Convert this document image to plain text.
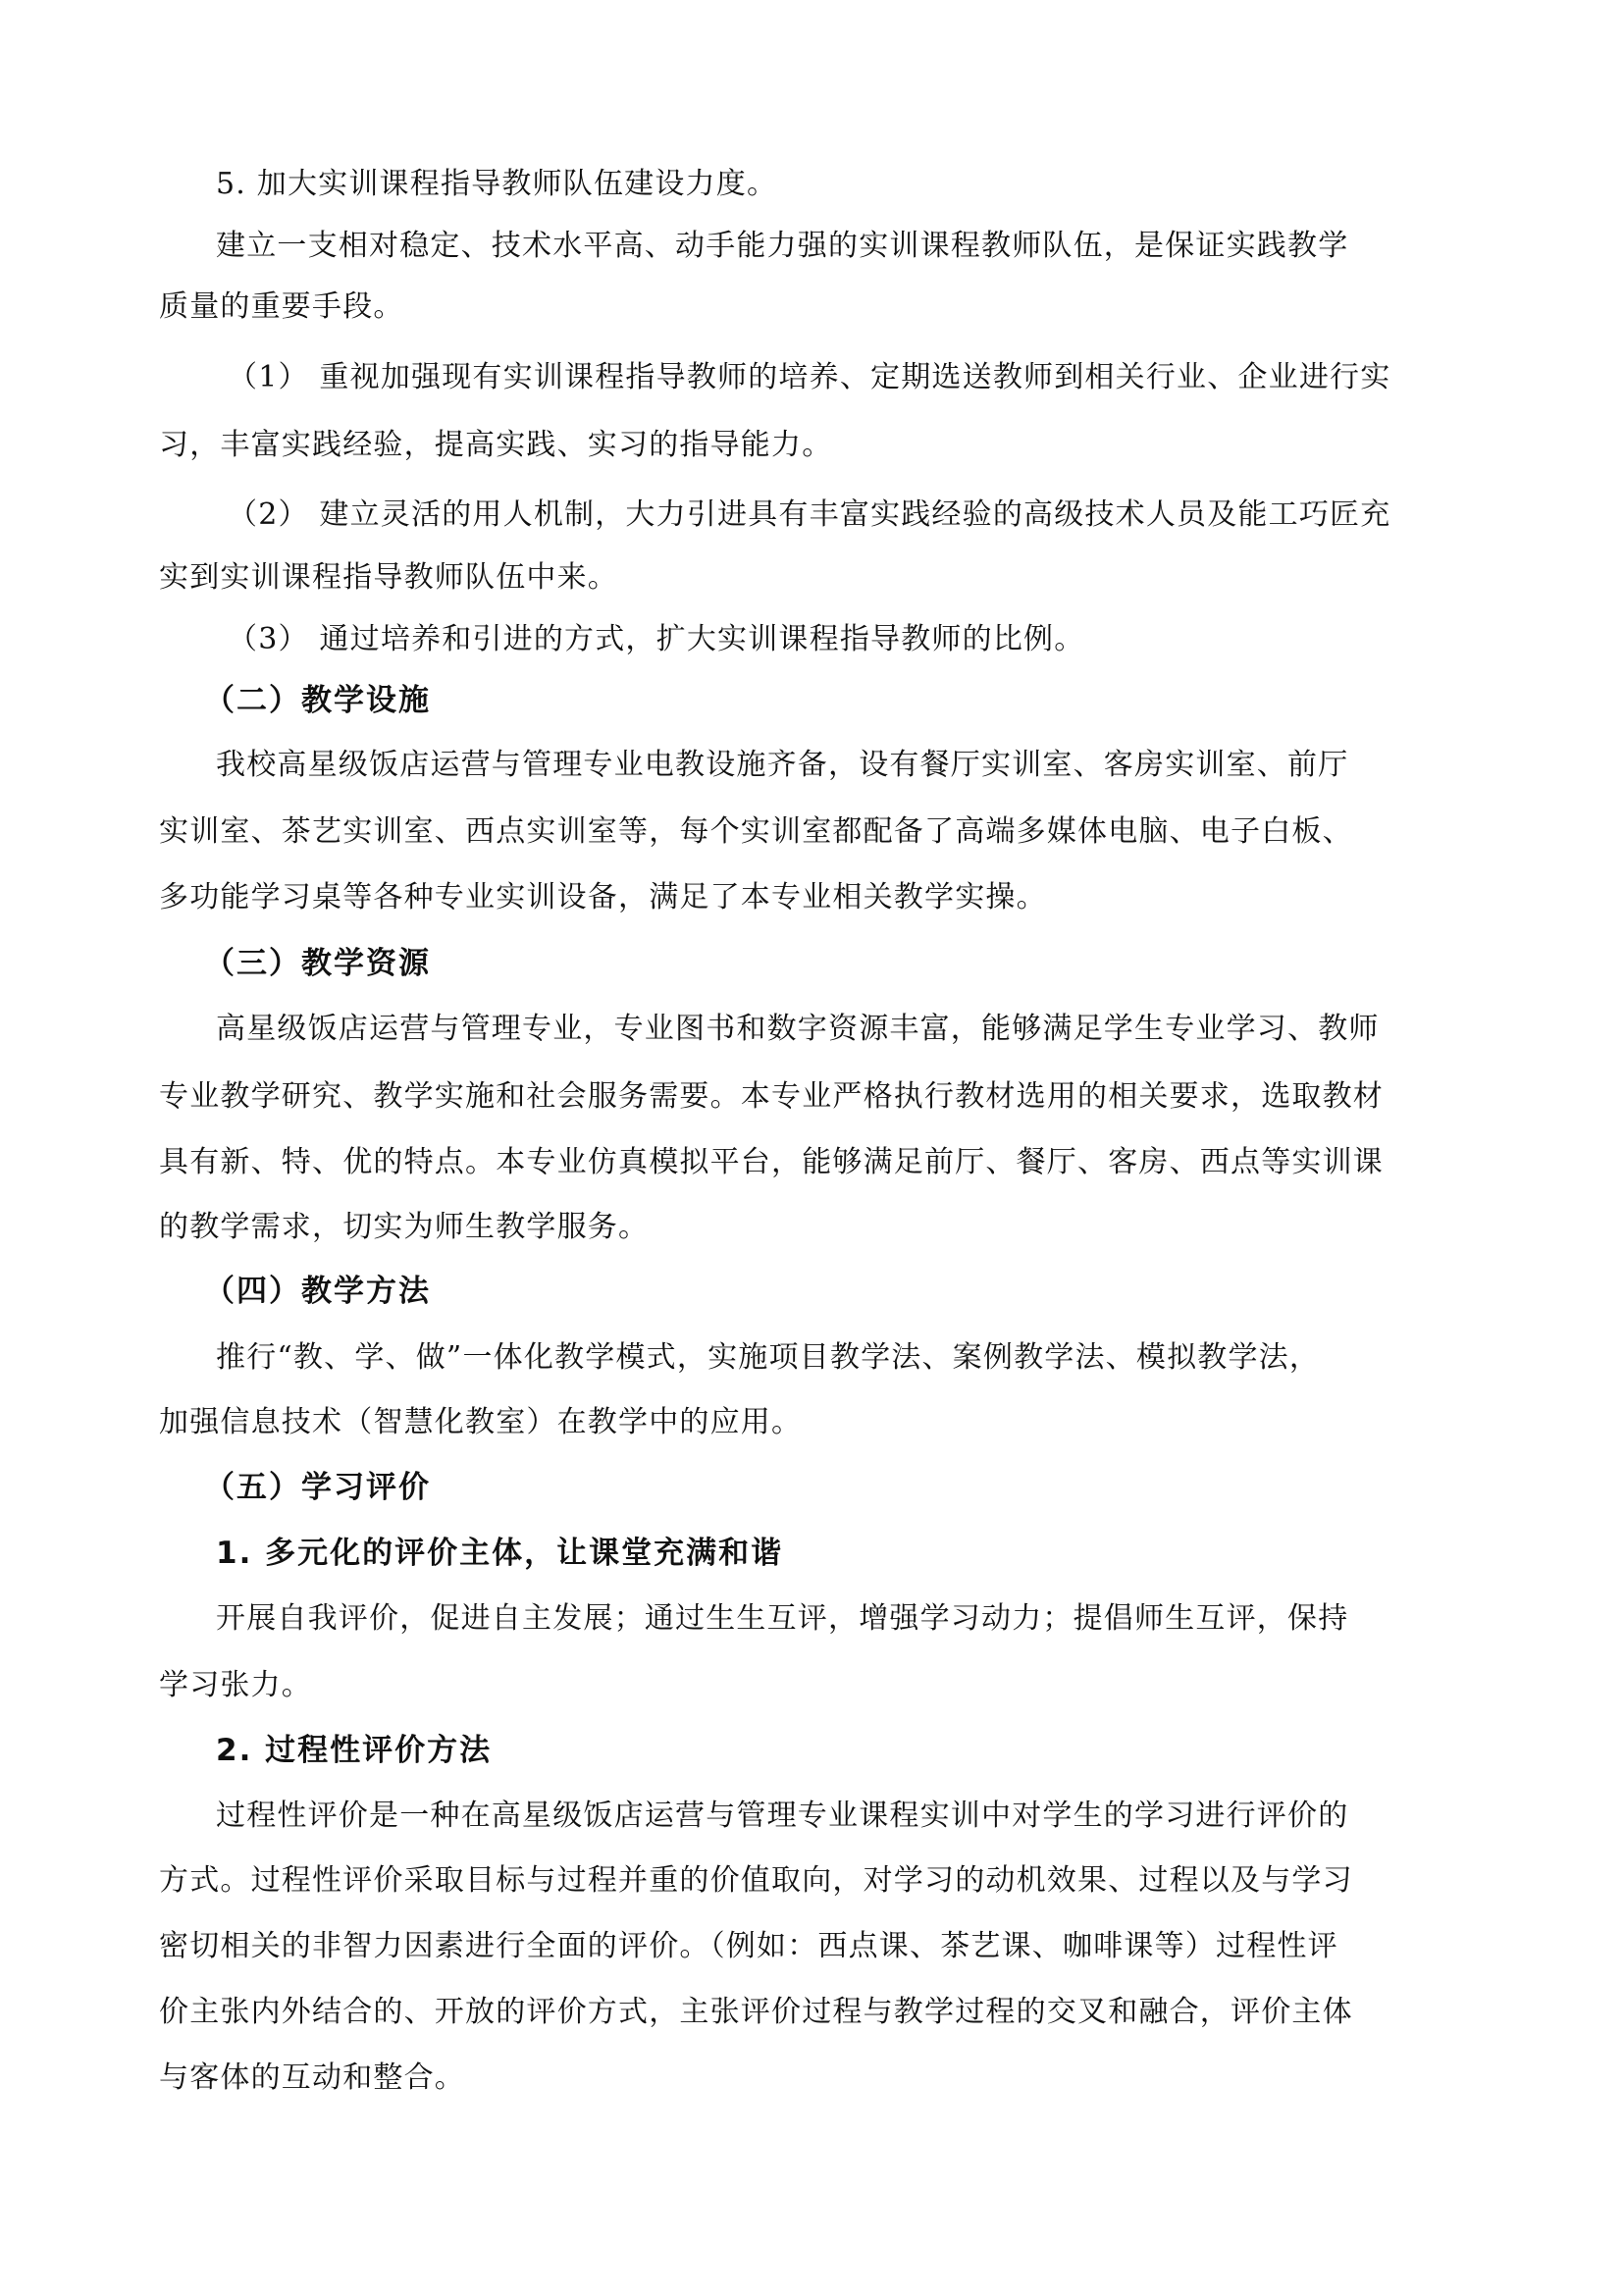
5. 加大实训课程指导教师队伍建设力度。
建立一支相对稳定、技术水平高、动手能力强的实训课程教师队伍，是保证实践教学
质量的重要手段。
（1） 重视加强现有实训课程指导教师的培养、定期选送教师到相关行业、企业进行实
习，丰富实践经验，提高实践、实习的指导能力。
（2） 建立灵活的用人机制，大力引进具有丰富实践经验的高级技术人员及能工巧匠充
实到实训课程指导教师队伍中来。
（3） 通过培养和引进的方式，扩大实训课程指导教师的比例。
（二）教学设施
我校高星级饭店运营与管理专业电教设施齐备，设有餐厅实训室、客房实训室、前厅
实训室、茶艺实训室、西点实训室等，每个实训室都配备了高端多媒体电脑、电子白板、
多功能学习桌等各种专业实训设备，满足了本专业相关教学实操。
（三）教学资源
高星级饭店运营与管理专业，专业图书和数字资源丰富，能够满足学生专业学习、教师
专业教学研究、教学实施和社会服务需要。本专业严格执行教材选用的相关要求，选取教材
具有新、特、优的特点。本专业仿真模拟平台，能够满足前厅、餐厅、客房、西点等实训课
的教学需求，切实为师生教学服务。
（四）教学方法
推行“教、学、做”一体化教学模式，实施项目教学法、案例教学法、模拟教学法，
加强信息技术（智慧化教室）在教学中的应用。
（五）学习评价
1. 多元化的评价主体，让课堂充满和谐
开展自我评价，促进自主发展；通过生生互评，增强学习动力；提倡师生互评，保持
学习张力。
2. 过程性评价方法
过程性评价是一种在高星级饭店运营与管理专业课程实训中对学生的学习进行评价的
方式。过程性评价采取目标与过程并重的价值取向，对学习的动机效果、过程以及与学习
密切相关的非智力因素进行全面的评价。（例如：西点课、茶艺课、咖啡课等）过程性评
价主张内外结合的、开放的评价方式，主张评价过程与教学过程的交叉和融合，评价主体
与客体的互动和整合。
